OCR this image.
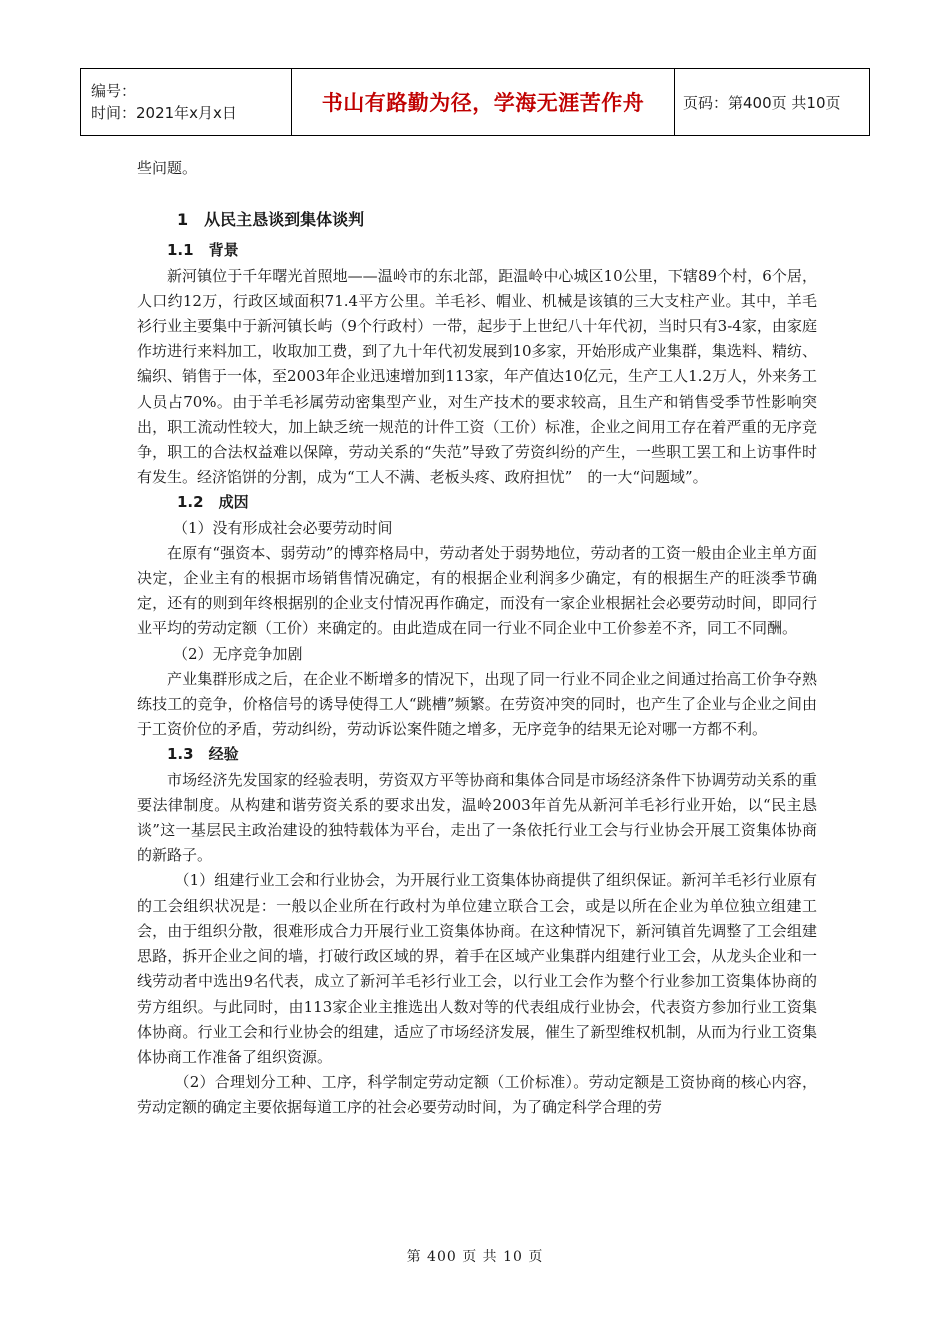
编号：
时间：2021年x月x日	书山有路勤为径，学海无涯苦作舟	页码：第400页 共10页

些问题。

1　从民主恳谈到集体谈判

1.1　背景

新河镇位于千年曙光首照地——温岭市的东北部，距温岭中心城区10公里，下辖89个村，6个居，人口约12万，行政区域面积71.4平方公里。羊毛衫、帽业、机械是该镇的三大支柱产业。其中，羊毛衫行业主要集中于新河镇长屿（9个行政村）一带，起步于上世纪八十年代初，当时只有3-4家，由家庭作坊进行来料加工，收取加工费，到了九十年代初发展到10多家，开始形成产业集群，集选料、精纺、编织、销售于一体，至2003年企业迅速增加到113家，年产值达10亿元，生产工人1.2万人，外来务工人员占70%。由于羊毛衫属劳动密集型产业，对生产技术的要求较高，且生产和销售受季节性影响突出，职工流动性较大，加上缺乏统一规范的计件工资（工价）标准，企业之间用工存在着严重的无序竞争，职工的合法权益难以保障，劳动关系的“失范”导致了劳资纠纷的产生，一些职工罢工和上访事件时有发生。经济馅饼的分割，成为“工人不满、老板头疼、政府担忧”　的一大“问题域”。

1.2　成因

（1）没有形成社会必要劳动时间

在原有“强资本、弱劳动”的博弈格局中，劳动者处于弱势地位，劳动者的工资一般由企业主单方面决定，企业主有的根据市场销售情况确定，有的根据企业利润多少确定，有的根据生产的旺淡季节确定，还有的则到年终根据别的企业支付情况再作确定，而没有一家企业根据社会必要劳动时间，即同行业平均的劳动定额（工价）来确定的。由此造成在同一行业不同企业中工价参差不齐，同工不同酬。

（2）无序竞争加剧

产业集群形成之后，在企业不断增多的情况下，出现了同一行业不同企业之间通过抬高工价争夺熟练技工的竞争，价格信号的诱导使得工人“跳槽”频繁。在劳资冲突的同时，也产生了企业与企业之间由于工资价位的矛盾，劳动纠纷，劳动诉讼案件随之增多，无序竞争的结果无论对哪一方都不利。

1.3　经验

市场经济先发国家的经验表明，劳资双方平等协商和集体合同是市场经济条件下协调劳动关系的重要法律制度。从构建和谐劳资关系的要求出发，温岭2003年首先从新河羊毛衫行业开始，以“民主恳谈”这一基层民主政治建设的独特载体为平台，走出了一条依托行业工会与行业协会开展工资集体协商的新路子。

（1）组建行业工会和行业协会，为开展行业工资集体协商提供了组织保证。新河羊毛衫行业原有的工会组织状况是：一般以企业所在行政村为单位建立联合工会，或是以所在企业为单位独立组建工会，由于组织分散，很难形成合力开展行业工资集体协商。在这种情况下，新河镇首先调整了工会组建思路，拆开企业之间的墙，打破行政区域的界，着手在区域产业集群内组建行业工会，从龙头企业和一线劳动者中选出9名代表，成立了新河羊毛衫行业工会，以行业工会作为整个行业参加工资集体协商的劳方组织。与此同时，由113家企业主推选出人数对等的代表组成行业协会，代表资方参加行业工资集体协商。行业工会和行业协会的组建，适应了市场经济发展，催生了新型维权机制，从而为行业工资集体协商工作准备了组织资源。

（2）合理划分工种、工序，科学制定劳动定额（工价标准）。劳动定额是工资协商的核心内容，劳动定额的确定主要依据每道工序的社会必要劳动时间，为了确定科学合理的劳

第 400 页 共 10 页
